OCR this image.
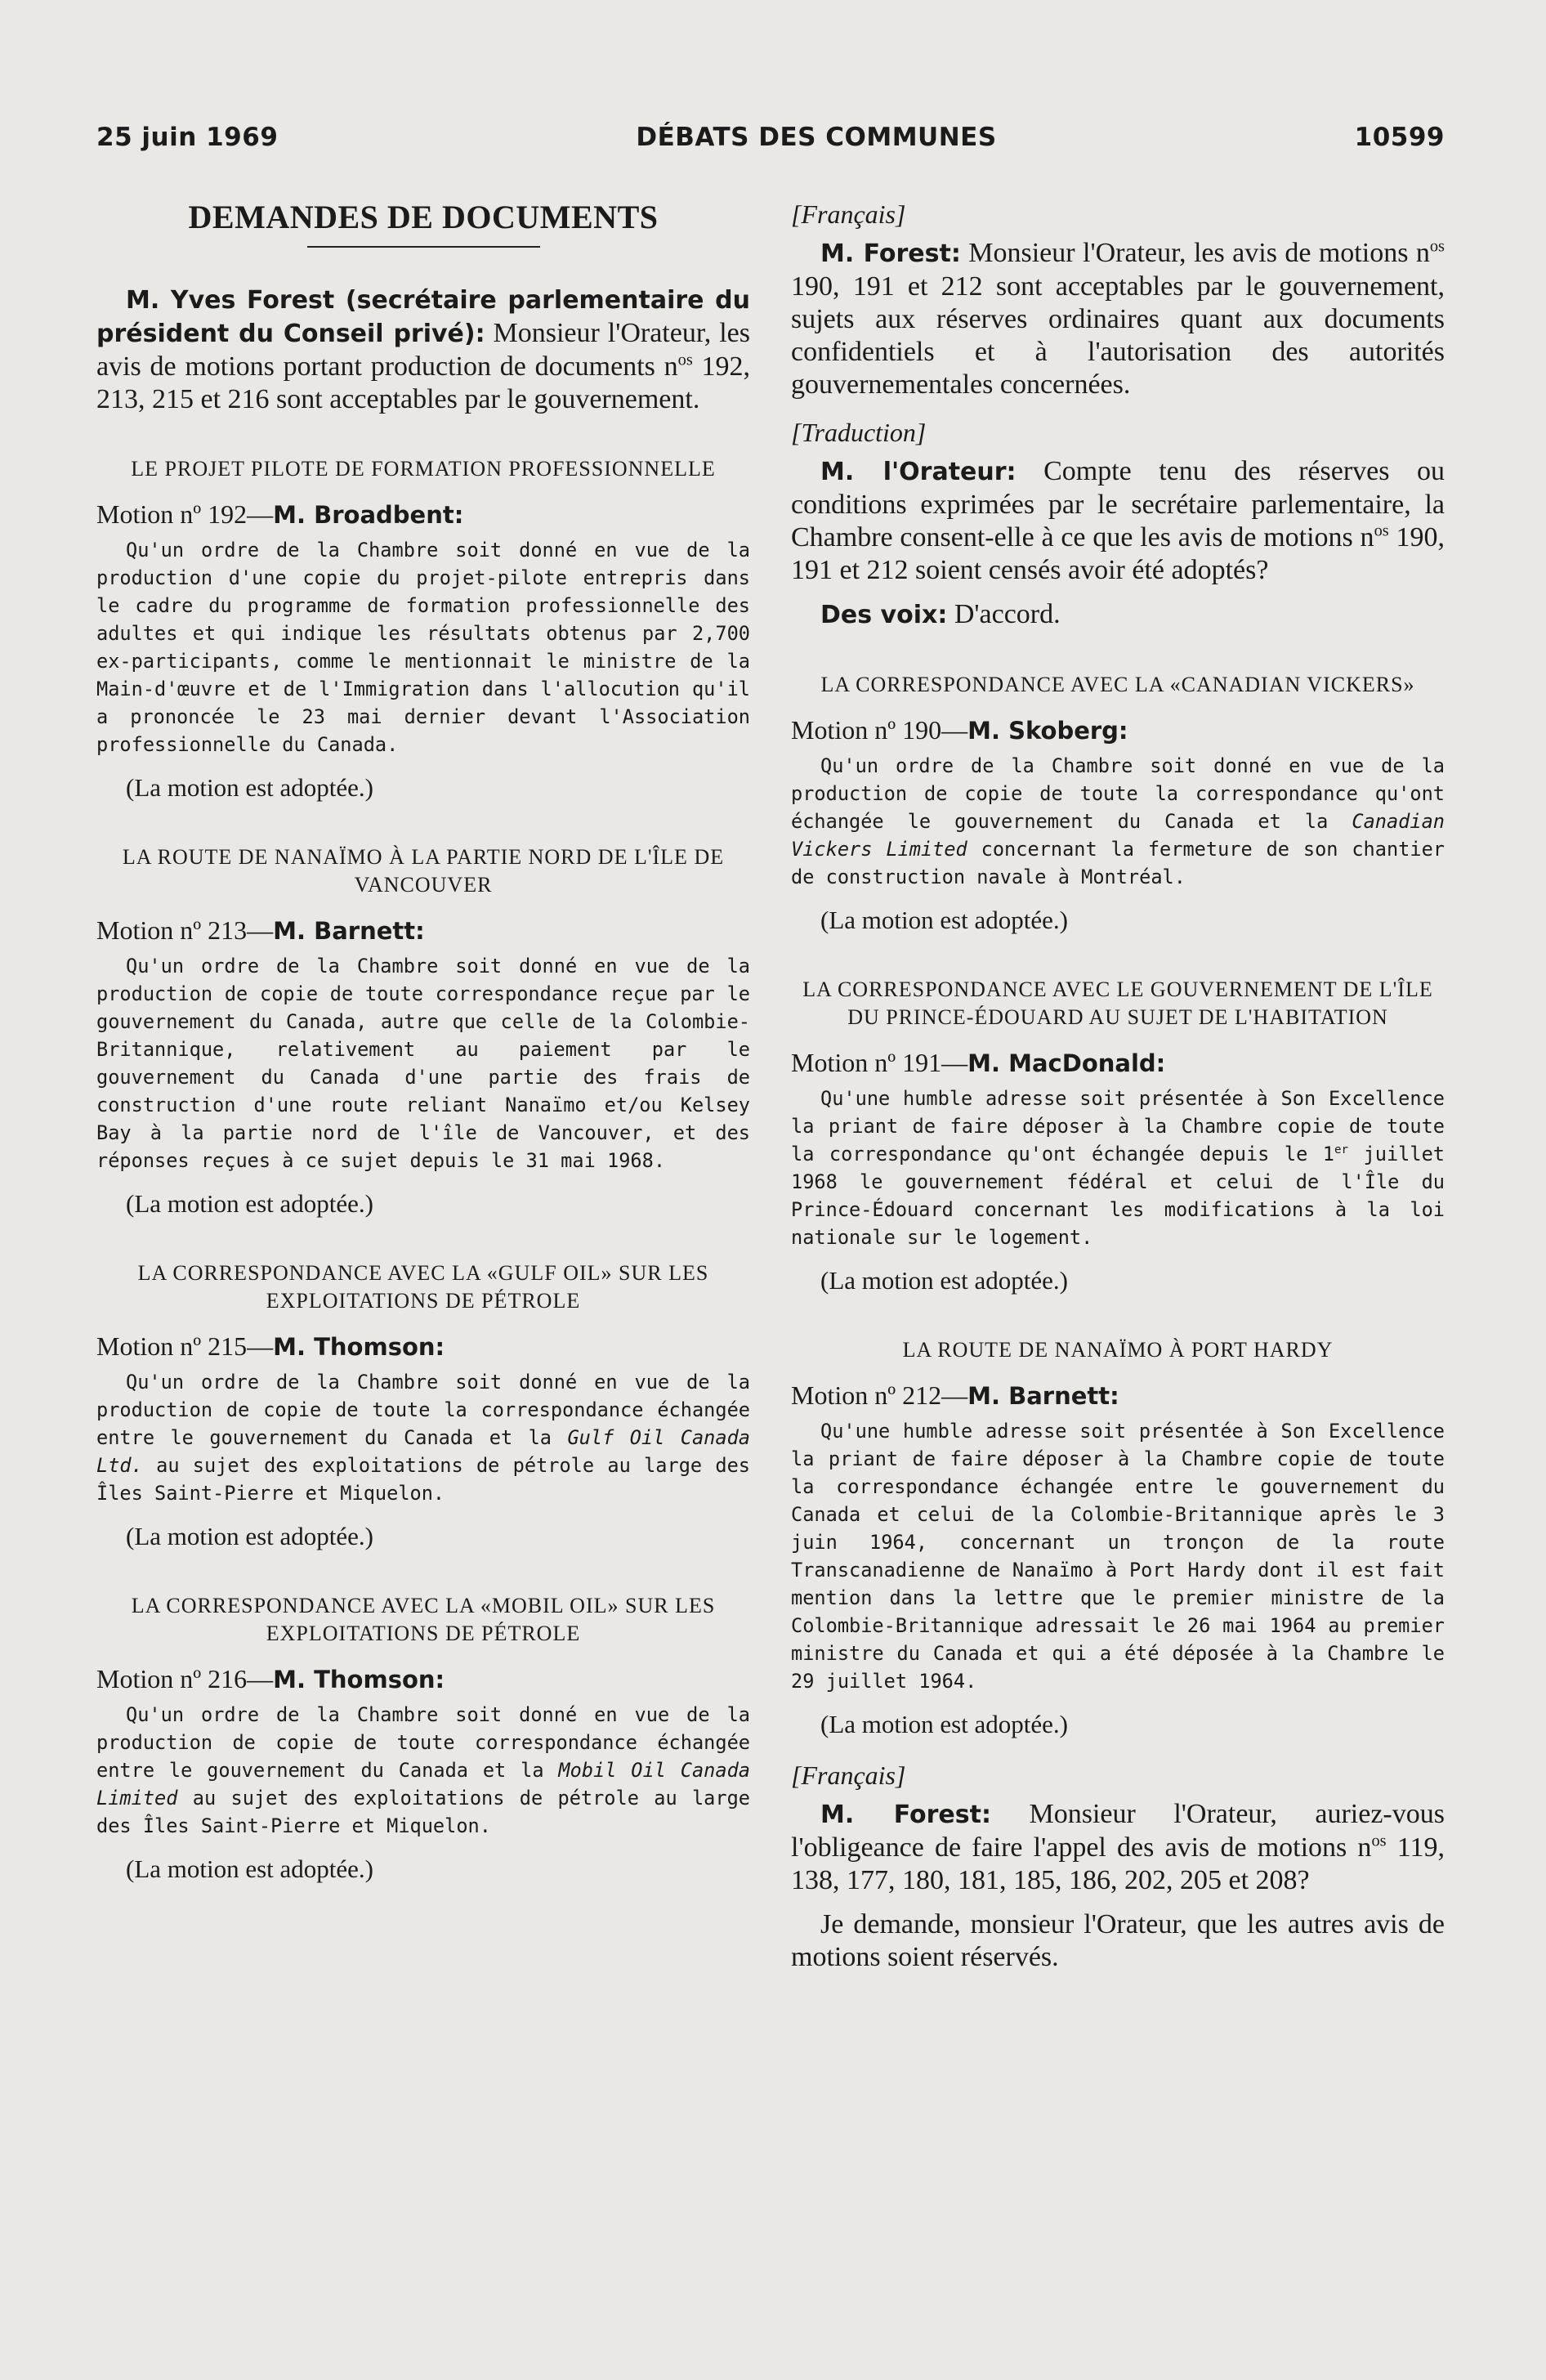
25 juin 1969	DÉBATS DES COMMUNES	10599
DEMANDES DE DOCUMENTS

M. Yves Forest (secrétaire parlementaire du président du Conseil privé): Monsieur l'Orateur, les avis de motions portant production de documents $n^{os}$ 192, 213, 215 et 216 sont acceptables par le gouvernement.

LE PROJET PILOTE DE FORMATION PROFESSIONNELLE

Motion nº 192—M. Broadbent:

Qu'un ordre de la Chambre soit donné en vue de la production d'une copie du projet-pilote entrepris dans le cadre du programme de formation professionnelle des adultes et qui indique les résultats obtenus par 2,700 ex-participants, comme le mentionnait le ministre de la Main-d'œuvre et de l'Immigration dans l'allocution qu'il a prononcée le 23 mai dernier devant l'Association professionnelle du Canada.

(La motion est adoptée.)

LA ROUTE DE NANAÏMO À LA PARTIE NORD DE L'ÎLE DE VANCOUVER

Motion nº 213—M. Barnett:

Qu'un ordre de la Chambre soit donné en vue de la production de copie de toute correspondance reçue par le gouvernement du Canada, autre que celle de la Colombie-Britannique, relativement au paiement par le gouvernement du Canada d'une partie des frais de construction d'une route reliant Nanaïmo et/ou Kelsey Bay à la partie nord de l'île de Vancouver, et des réponses reçues à ce sujet depuis le 31 mai 1968.

(La motion est adoptée.)

LA CORRESPONDANCE AVEC LA «GULF OIL» SUR LES EXPLOITATIONS DE PÉTROLE

Motion nº 215—M. Thomson:

Qu'un ordre de la Chambre soit donné en vue de la production de copie de toute la correspondance échangée entre le gouvernement du Canada et la Gulf Oil Canada Ltd. au sujet des exploitations de pétrole au large des Îles Saint-Pierre et Miquelon.

(La motion est adoptée.)

LA CORRESPONDANCE AVEC LA «MOBIL OIL» SUR LES EXPLOITATIONS DE PÉTROLE

Motion nº 216—M. Thomson:

Qu'un ordre de la Chambre soit donné en vue de la production de copie de toute correspondance échangée entre le gouvernement du Canada et la Mobil Oil Canada Limited au sujet des exploitations de pétrole au large des Îles Saint-Pierre et Miquelon.

(La motion est adoptée.)

[Français]

M. Forest: Monsieur l'Orateur, les avis de motions $n^{os}$ 190, 191 et 212 sont acceptables par le gouvernement, sujets aux réserves ordinaires quant aux documents confidentiels et à l'autorisation des autorités gouvernementales concernées.

[Traduction]

M. l'Orateur: Compte tenu des réserves ou conditions exprimées par le secrétaire parlementaire, la Chambre consent-elle à ce que les avis de motions $n^{os}$ 190, 191 et 212 soient censés avoir été adoptés?

Des voix: D'accord.

LA CORRESPONDANCE AVEC LA «CANADIAN VICKERS»

Motion nº 190—M. Skoberg:

Qu'un ordre de la Chambre soit donné en vue de la production de copie de toute la correspondance qu'ont échangée le gouvernement du Canada et la Canadian Vickers Limited concernant la fermeture de son chantier de construction navale à Montréal.

(La motion est adoptée.)

LA CORRESPONDANCE AVEC LE GOUVERNEMENT DE L'ÎLE DU PRINCE-ÉDOUARD AU SUJET DE L'HABITATION

Motion nº 191—M. MacDonald:

Qu'une humble adresse soit présentée à Son Excellence la priant de faire déposer à la Chambre copie de toute la correspondance qu'ont échangée depuis le 1er juillet 1968 le gouvernement fédéral et celui de l'Île du Prince-Édouard concernant les modifications à la loi nationale sur le logement.

(La motion est adoptée.)

LA ROUTE DE NANAÏMO À PORT HARDY

Motion nº 212—M. Barnett:

Qu'une humble adresse soit présentée à Son Excellence la priant de faire déposer à la Chambre copie de toute la correspondance échangée entre le gouvernement du Canada et celui de la Colombie-Britannique après le 3 juin 1964, concernant un tronçon de la route Transcanadienne de Nanaïmo à Port Hardy dont il est fait mention dans la lettre que le premier ministre de la Colombie-Britannique adressait le 26 mai 1964 au premier ministre du Canada et qui a été déposée à la Chambre le 29 juillet 1964.

(La motion est adoptée.)

[Français]

M. Forest: Monsieur l'Orateur, auriez-vous l'obligeance de faire l'appel des avis de motions $n^{os}$ 119, 138, 177, 180, 181, 185, 186, 202, 205 et 208?

Je demande, monsieur l'Orateur, que les autres avis de motions soient réservés.
